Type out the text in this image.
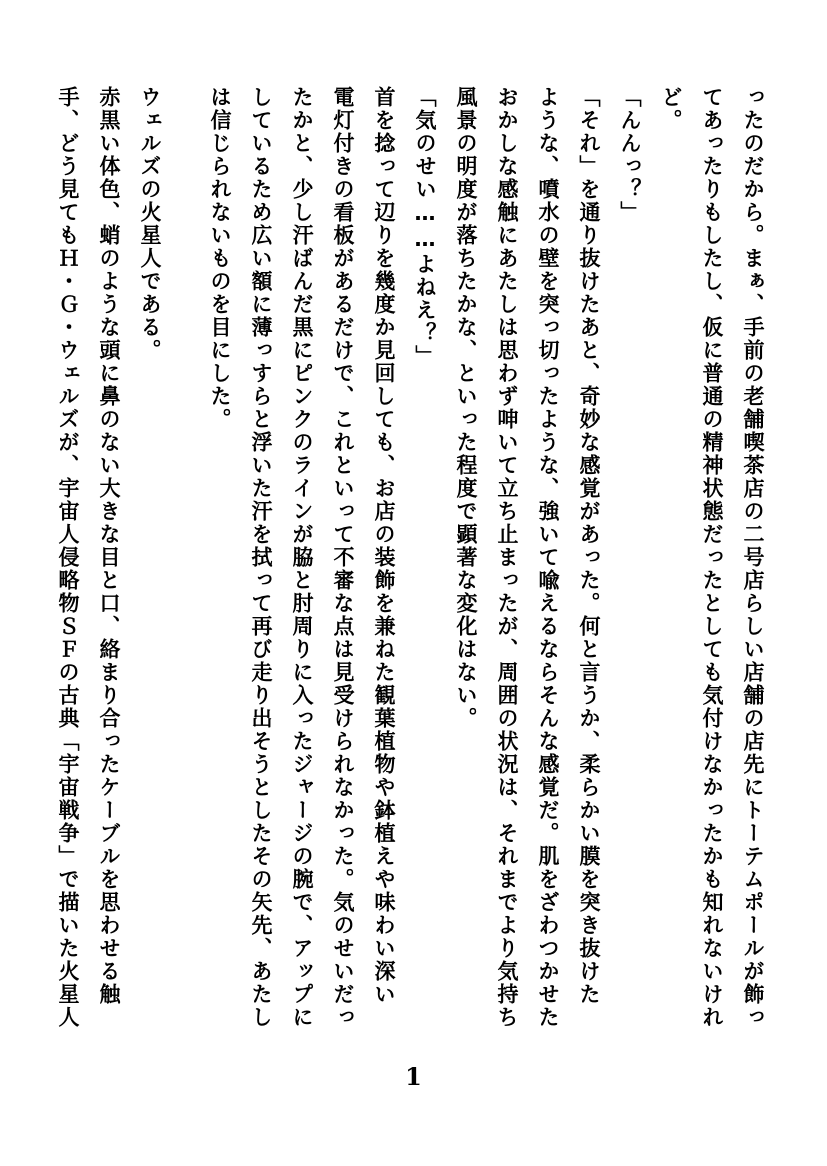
ったのだから。まぁ、手前の老舗喫茶店の二号店らしい店舗の店先にトーテムポールが飾っ
てあったりもしたし、仮に普通の精神状態だったとしても気付けなかったかも知れないけれ
ど。
「んんっ？」
「それ」を通り抜けたあと、奇妙な感覚があった。何と言うか、柔らかい膜を突き抜けた
ような、噴水の壁を突っ切ったような、強いて喩えるならそんな感覚だ。肌をざわつかせた
おかしな感触にあたしは思わず呻いて立ち止まったが、周囲の状況は、それまでより気持ち
風景の明度が落ちたかな、といった程度で顕著な変化はない。
「気のせい……よねえ？」
首を捻って辺りを幾度か見回しても、お店の装飾を兼ねた観葉植物や鉢植えや味わい深い
電灯付きの看板があるだけで、これといって不審な点は見受けられなかった。気のせいだっ
たかと、少し汗ばんだ黒にピンクのラインが脇と肘周りに入ったジャージの腕で、アップに
しているため広い額に薄っすらと浮いた汗を拭って再び走り出そうとしたその矢先、あたし
は信じられないものを目にした。
ウェルズの火星人である。
赤黒い体色、蛸のような頭に鼻のない大きな目と口、絡まり合ったケーブルを思わせる触
手、どう見てもＨ・Ｇ・ウェルズが、宇宙人侵略物ＳＦの古典「宇宙戦争」で描いた火星人
1
